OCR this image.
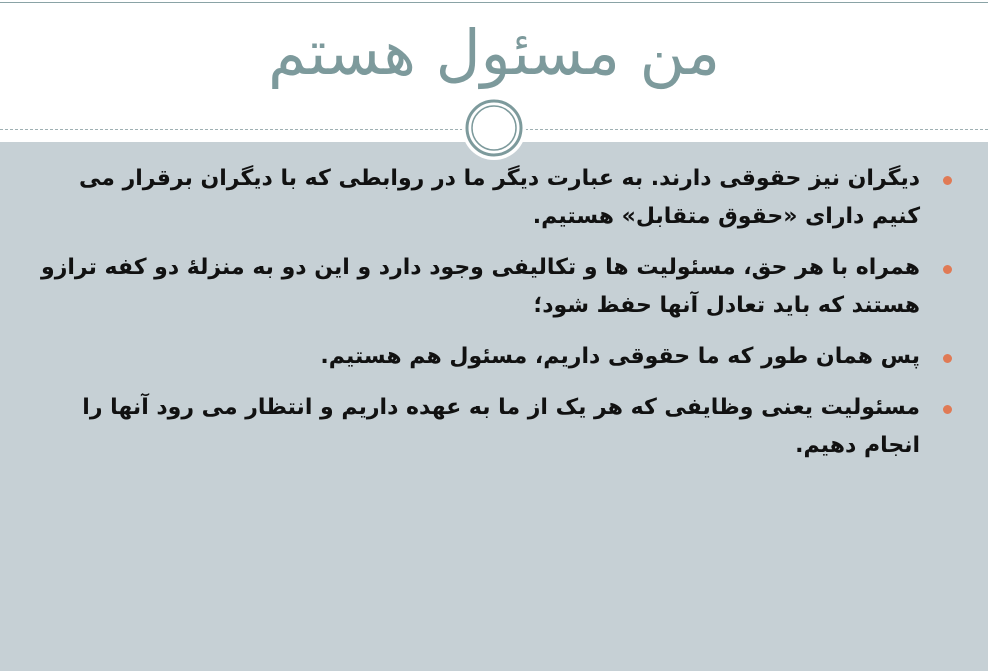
من مسئول هستم
دیگران نیز حقوقی دارند. به عبارت دیگر ما در روابطی که با دیگران برقرار می کنیم دارای «حقوق متقابل» هستیم.
همراه با هر حق، مسئولیت ها و تکالیفی وجود دارد و این دو به منزلهٔ دو کفه ترازو هستند که باید تعادل آنها حفظ شود؛
پس همان طور که ما حقوقی داریم، مسئول هم هستیم.
مسئولیت یعنی وظایفی که هر یک از ما به عهده داریم و انتظار می رود آنها را انجام دهیم.
